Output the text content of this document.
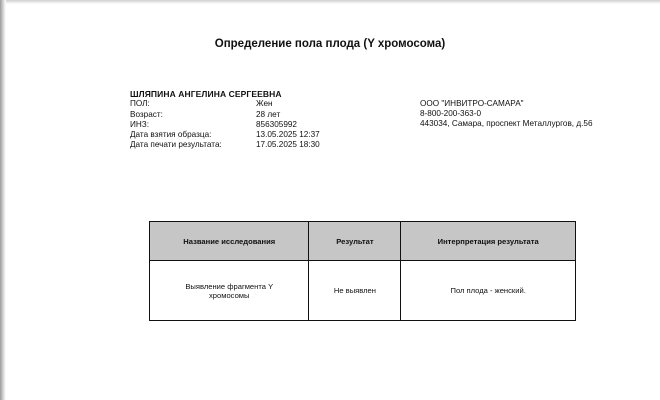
Определение пола плода (Y хромосома)
ШЛЯПИНА АНГЕЛИНА СЕРГЕЕВНА
ПОЛ:	Жен
Возраст:	28 лет
ИНЗ:	856305992
Дата взятия образца:	13.05.2025 12:37
Дата печати результата:	17.05.2025 18:30
ООО "ИНВИТРО-САМАРА"
8-800-200-363-0
443034, Самара, проспект Металлургов, д.56
Название исследования	Результат	Интерпретация результата
Выявление фрагмента Y хромосомы	Не выявлен	Пол плода - женский.
